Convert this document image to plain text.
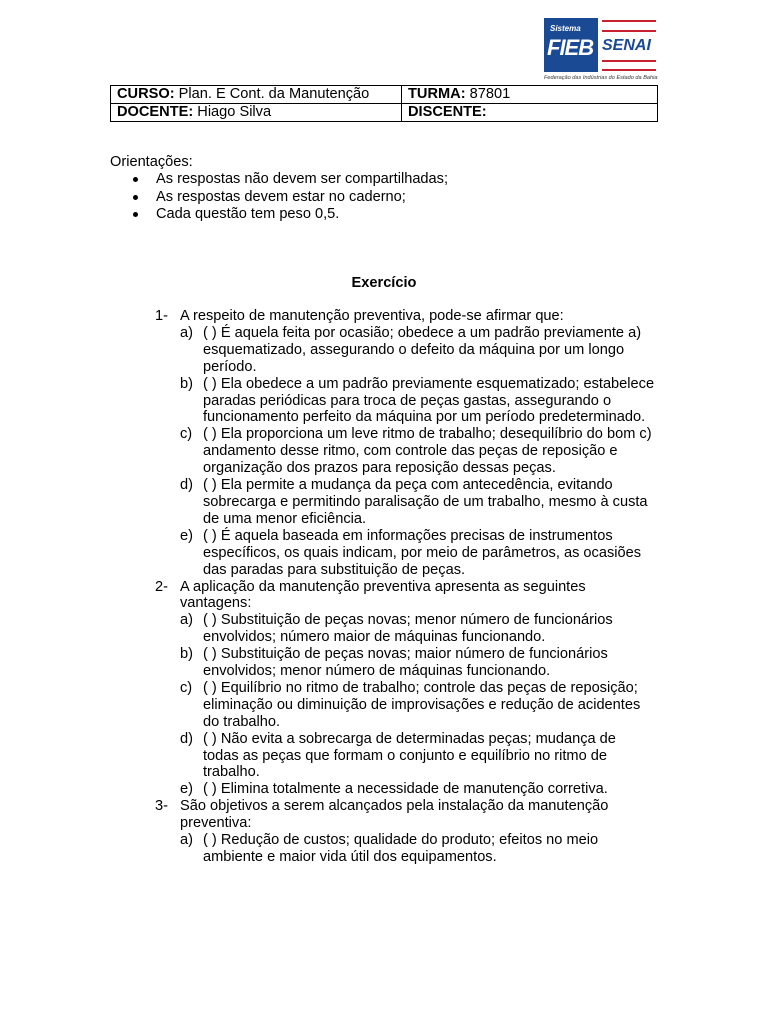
Sistema
FIEB SENAI
Federação das Indústrias do Estado da Bahia
CURSO: Plan. E Cont. da Manutenção	TURMA: 87801
DOCENTE: Hiago Silva	DISCENTE:
Orientações:
As respostas não devem ser compartilhadas;
As respostas devem estar no caderno;
Cada questão tem peso 0,5.
Exercício
1- A respeito de manutenção preventiva, pode-se afirmar que:
a) ( ) É aquela feita por ocasião; obedece a um padrão previamente a) esquematizado, assegurando o defeito da máquina por um longo período.
b) ( ) Ela obedece a um padrão previamente esquematizado; estabelece paradas periódicas para troca de peças gastas, assegurando o funcionamento perfeito da máquina por um período predeterminado.
c) ( ) Ela proporciona um leve ritmo de trabalho; desequilíbrio do bom c) andamento desse ritmo, com controle das peças de reposição e organização dos prazos para reposição dessas peças.
d) ( ) Ela permite a mudança da peça com antecedência, evitando sobrecarga e permitindo paralisação de um trabalho, mesmo à custa de uma menor eficiência.
e) ( ) É aquela baseada em informações precisas de instrumentos específicos, os quais indicam, por meio de parâmetros, as ocasiões das paradas para substituição de peças.
2- A aplicação da manutenção preventiva apresenta as seguintes vantagens:
a) ( ) Substituição de peças novas; menor número de funcionários envolvidos; número maior de máquinas funcionando.
b) ( ) Substituição de peças novas; maior número de funcionários envolvidos; menor número de máquinas funcionando.
c) ( ) Equilíbrio no ritmo de trabalho; controle das peças de reposição; eliminação ou diminuição de improvisações e redução de acidentes do trabalho.
d) ( ) Não evita a sobrecarga de determinadas peças; mudança de todas as peças que formam o conjunto e equilíbrio no ritmo de trabalho.
e) ( ) Elimina totalmente a necessidade de manutenção corretiva.
3- São objetivos a serem alcançados pela instalação da manutenção preventiva:
a) ( ) Redução de custos; qualidade do produto; efeitos no meio ambiente e maior vida útil dos equipamentos.
